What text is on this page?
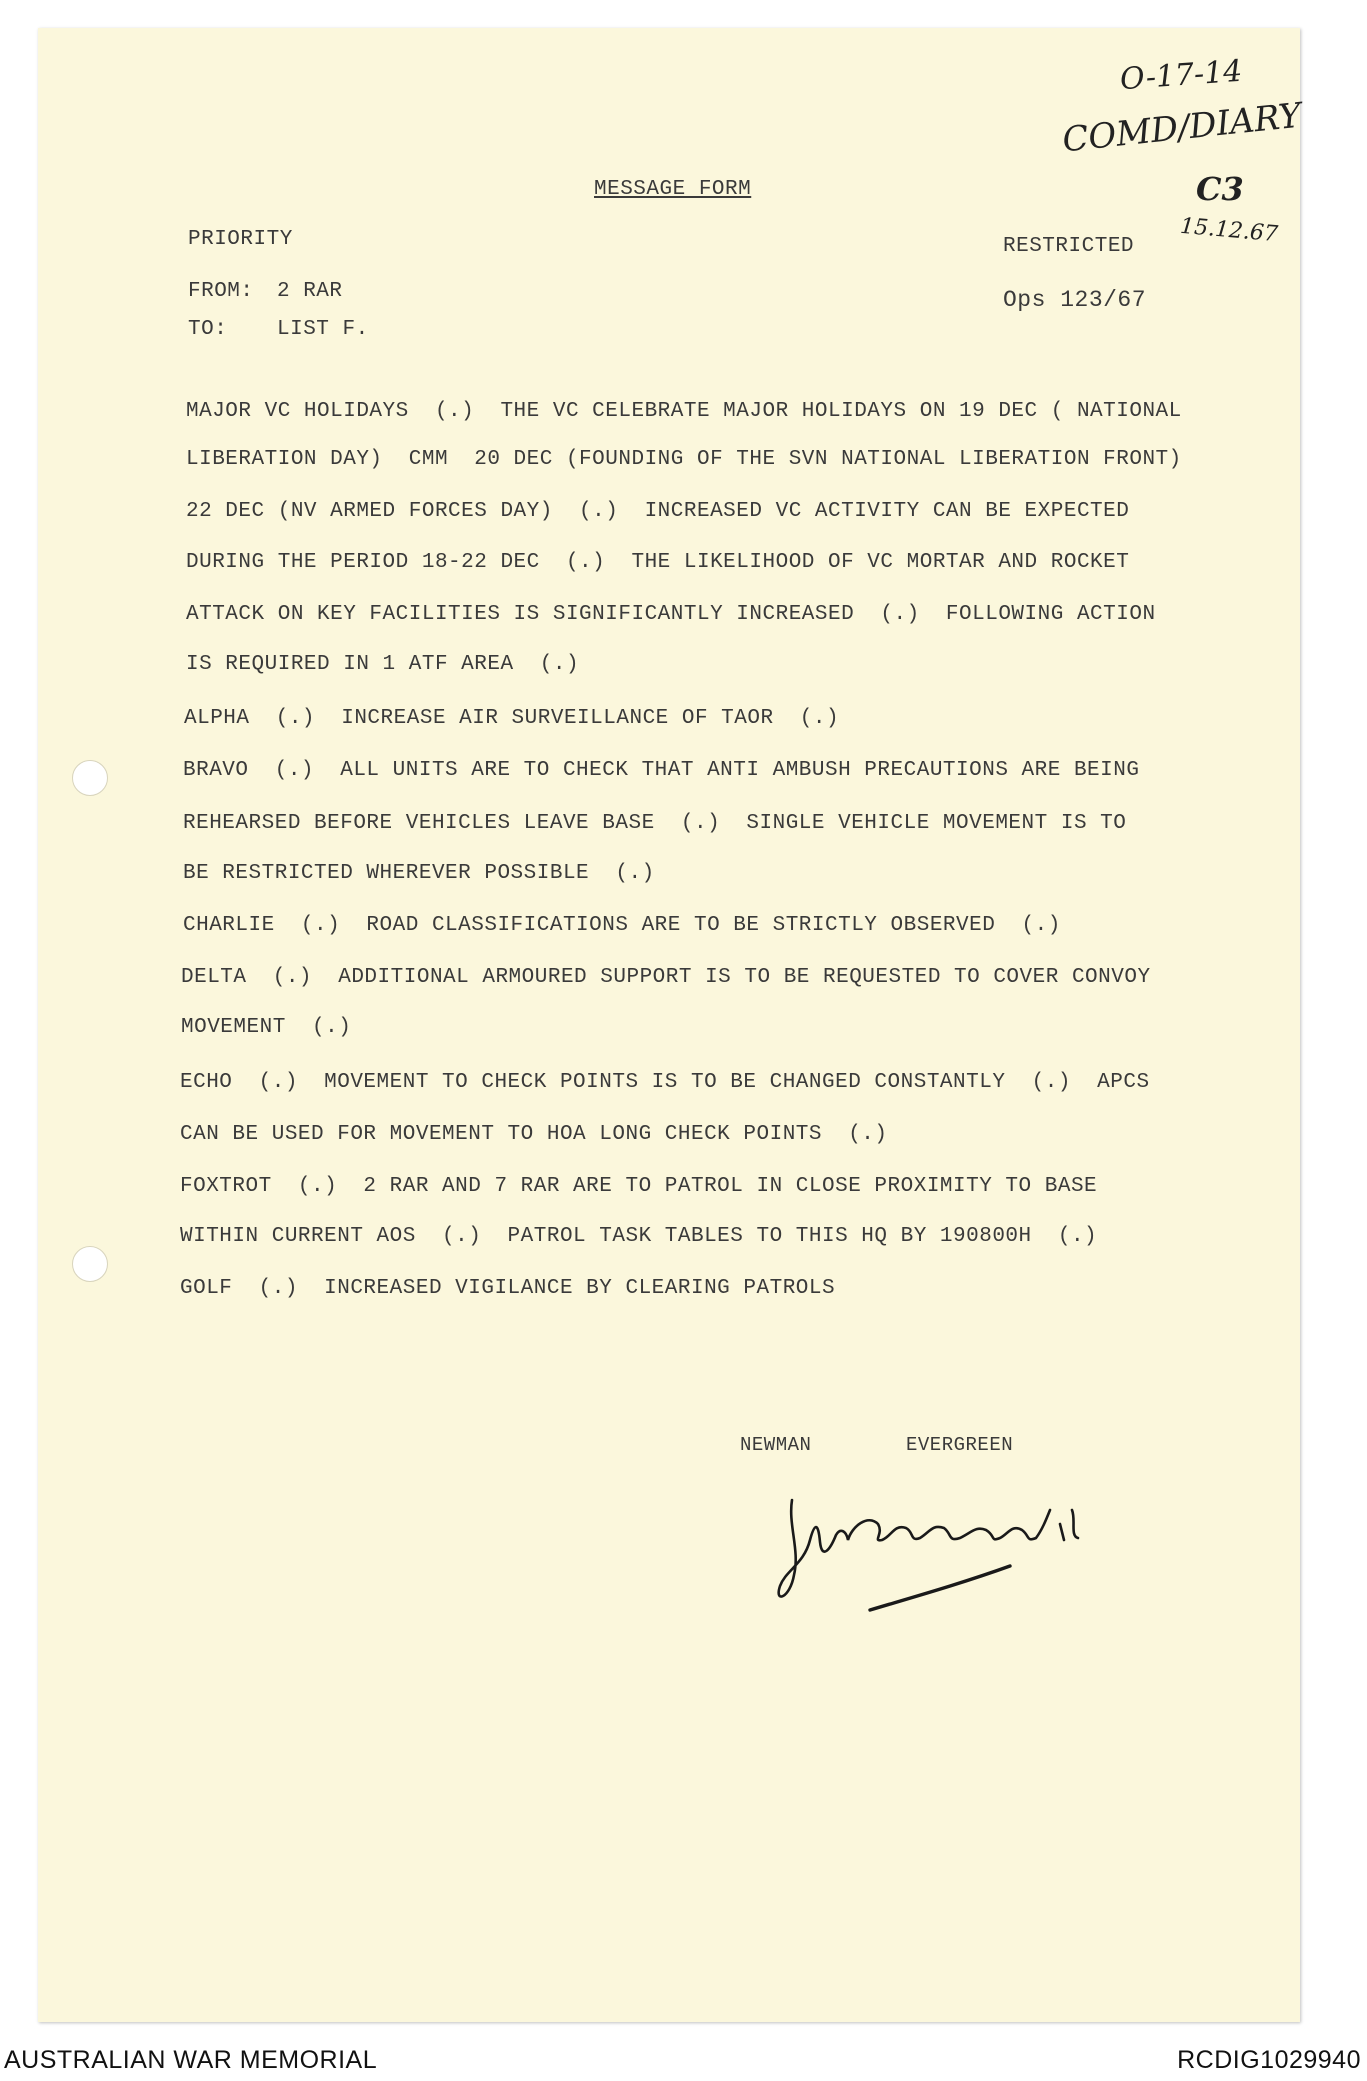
O-17-14
COMD/DIARY
C3
15.12.67
MESSAGE FORM
PRIORITY	RESTRICTED
FROM: 2 RAR
TO: LIST F.
Ops 123/67
MAJOR VC HOLIDAYS  (.)  THE VC CELEBRATE MAJOR HOLIDAYS ON 19 DEC ( NATIONAL
LIBERATION DAY)  CMM  20 DEC (FOUNDING OF THE SVN NATIONAL LIBERATION FRONT)
22 DEC (NV ARMED FORCES DAY)  (.)  INCREASED VC ACTIVITY CAN BE EXPECTED
DURING THE PERIOD 18-22 DEC  (.)  THE LIKELIHOOD OF VC MORTAR AND ROCKET
ATTACK ON KEY FACILITIES IS SIGNIFICANTLY INCREASED  (.)  FOLLOWING ACTION
IS REQUIRED IN 1 ATF AREA  (.)
ALPHA  (.)  INCREASE AIR SURVEILLANCE OF TAOR  (.)
BRAVO  (.)  ALL UNITS ARE TO CHECK THAT ANTI AMBUSH PRECAUTIONS ARE BEING
REHEARSED BEFORE VEHICLES LEAVE BASE  (.)  SINGLE VEHICLE MOVEMENT IS TO
BE RESTRICTED WHEREVER POSSIBLE  (.)
CHARLIE  (.)  ROAD CLASSIFICATIONS ARE TO BE STRICTLY OBSERVED  (.)
DELTA  (.)  ADDITIONAL ARMOURED SUPPORT IS TO BE REQUESTED TO COVER CONVOY
MOVEMENT  (.)
ECHO  (.)  MOVEMENT TO CHECK POINTS IS TO BE CHANGED CONSTANTLY  (.)  APCS
CAN BE USED FOR MOVEMENT TO HOA LONG CHECK POINTS  (.)
FOXTROT  (.)  2 RAR AND 7 RAR ARE TO PATROL IN CLOSE PROXIMITY TO BASE
WITHIN CURRENT AOS  (.)  PATROL TASK TABLES TO THIS HQ BY 190800H  (.)
GOLF  (.)  INCREASED VIGILANCE BY CLEARING PATROLS
NEWMAN	EVERGREEN
AUSTRALIAN WAR MEMORIAL	RCDIG1029940
